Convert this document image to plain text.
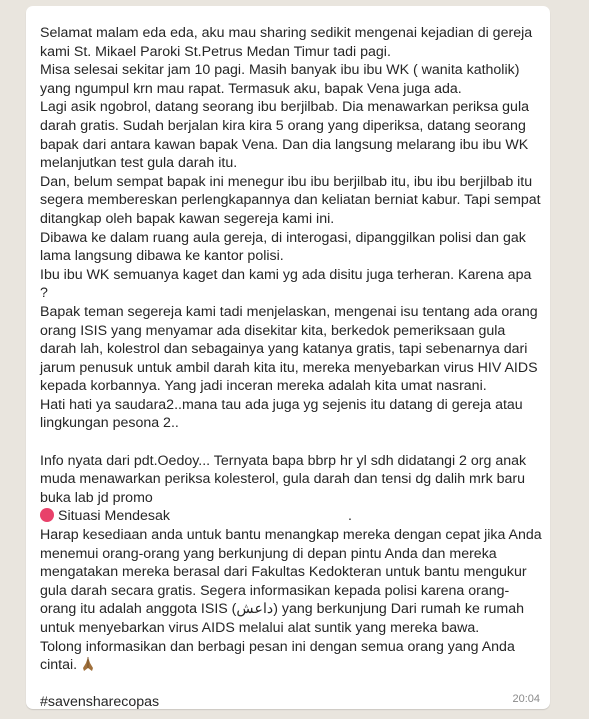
Selamat malam eda eda, aku mau sharing sedikit mengenai kejadian di gereja kami St. Mikael Paroki St.Petrus Medan Timur tadi pagi.

Misa selesai sekitar jam 10 pagi. Masih banyak ibu ibu WK ( wanita katholik) yang ngumpul krn mau rapat. Termasuk aku, bapak Vena juga ada.

Lagi asik ngobrol, datang seorang ibu berjilbab. Dia menawarkan periksa gula darah gratis. Sudah berjalan kira kira 5 orang yang diperiksa, datang seorang bapak dari antara kawan bapak Vena. Dan dia langsung melarang ibu ibu WK melanjutkan test gula darah itu.

Dan, belum sempat bapak ini menegur ibu ibu berjilbab itu, ibu ibu berjilbab itu segera membereskan perlengkapannya dan keliatan berniat kabur. Tapi sempat ditangkap oleh bapak kawan segereja kami ini.

Dibawa ke dalam ruang aula gereja, di interogasi, dipanggilkan polisi dan gak lama langsung dibawa ke kantor polisi.

Ibu ibu WK semuanya kaget dan kami yg ada disitu juga terheran. Karena apa ?

Bapak teman segereja kami tadi menjelaskan, mengenai isu tentang ada orang orang ISIS yang menyamar ada disekitar kita, berkedok pemeriksaan gula darah lah, kolestrol dan sebagainya yang katanya gratis, tapi sebenarnya dari jarum penusuk untuk ambil darah kita itu, mereka menyebarkan virus HIV AIDS kepada korbannya. Yang jadi inceran mereka adalah kita umat nasrani.

Hati hati ya saudara2..mana tau ada juga yg sejenis itu datang di gereja atau lingkungan pesona 2..

Info nyata dari pdt.Oedoy... Ternyata bapa bbrp hr yl sdh didatangi 2 org anak muda menawarkan periksa kolesterol, gula darah dan tensi dg dalih mrk baru buka lab jd promo

Situasi Mendesak	.

Harap kesediaan anda untuk bantu menangkap mereka dengan cepat jika Anda menemui orang-orang yang berkunjung di depan pintu Anda dan mereka mengatakan mereka berasal dari Fakultas Kedokteran untuk bantu mengukur gula darah secara gratis. Segera informasikan kepada polisi karena orang-orang itu adalah anggota ISIS (داعش) yang berkunjung Dari rumah ke rumah untuk menyebarkan virus AIDS melalui alat suntik yang mereka bawa.

Tolong informasikan dan berbagi pesan ini dengan semua orang yang Anda cintai.

#savensharecopas	20:04
